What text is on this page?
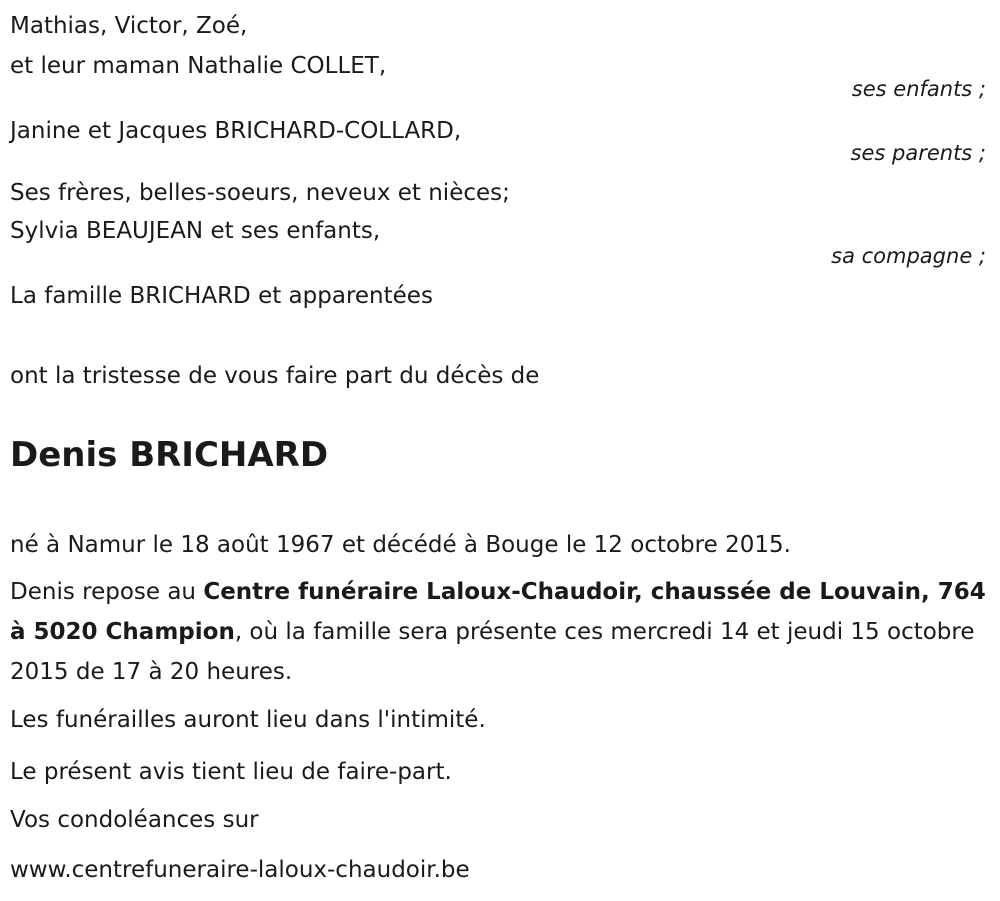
Mathias, Victor, Zoé,
et leur maman Nathalie COLLET,
ses enfants ;
Janine et Jacques BRICHARD-COLLARD,
ses parents ;
Ses frères, belles-soeurs, neveux et nièces;
Sylvia BEAUJEAN et ses enfants,
sa compagne ;
La famille BRICHARD et apparentées
ont la tristesse de vous faire part du décès de
Denis BRICHARD
né à Namur le 18 août 1967 et décédé à Bouge le 12 octobre 2015.
Denis repose au Centre funéraire Laloux-Chaudoir, chaussée de Louvain, 764 à 5020 Champion, où la famille sera présente ces mercredi 14 et jeudi 15 octobre 2015 de 17 à 20 heures.
Les funérailles auront lieu dans l'intimité.
Le présent avis tient lieu de faire-part.
Vos condoléances sur
www.centrefuneraire-laloux-chaudoir.be
